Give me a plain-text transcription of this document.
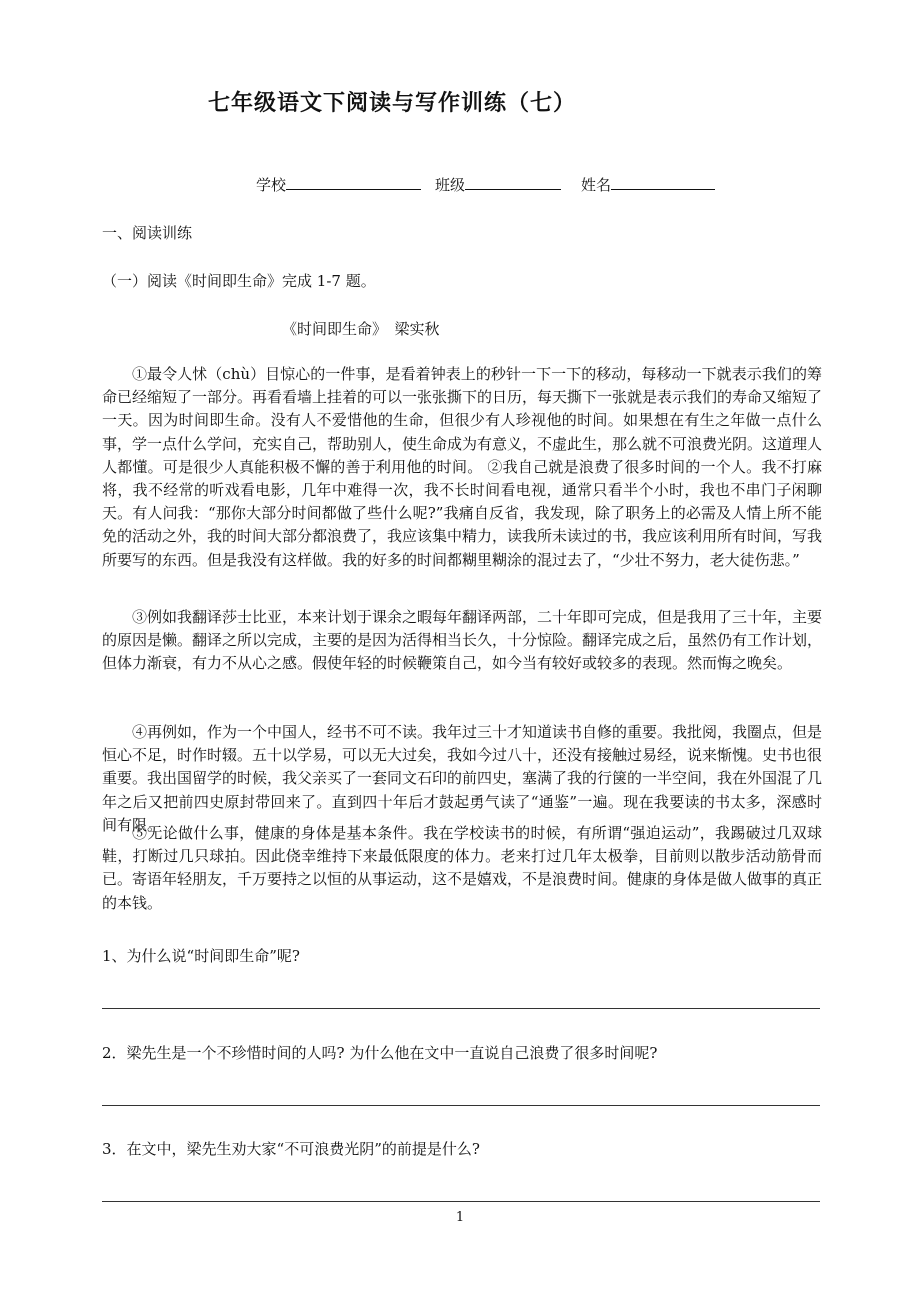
七年级语文下阅读与写作训练（七）
学校	班级	姓名
一、阅读训练
（一）阅读《时间即生命》完成 1-7 题。
《时间即生命》　梁实秋
①最令人怵（chù）目惊心的一件事，是看着钟表上的秒针一下一下的移动，每移动一下就表示我们的筹命已经缩短了一部分。再看看墙上挂着的可以一张张撕下的日历，每天撕下一张就是表示我们的寿命又缩短了一天。因为时间即生命。没有人不爱惜他的生命，但很少有人珍视他的时间。如果想在有生之年做一点什么事，学一点什么学问，充实自己，帮助别人，使生命成为有意义，不虚此生，那么就不可浪费光阴。这道理人人都懂。可是很少人真能积极不懈的善于利用他的时间。 ②我自己就是浪费了很多时间的一个人。我不打麻将，我不经常的听戏看电影，几年中难得一次，我不长时间看电视，通常只看半个小时，我也不串门子闲聊天。有人问我：“那你大部分时间都做了些什么呢?”我痛自反省，我发现，除了职务上的必需及人情上所不能免的活动之外，我的时间大部分都浪费了，我应该集中精力，读我所未读过的书，我应该利用所有时间，写我所要写的东西。但是我没有这样做。我的好多的时间都糊里糊涂的混过去了，“少壮不努力，老大徒伤悲。”
③例如我翻译莎士比亚，本来计划于课余之暇每年翻译两部，二十年即可完成，但是我用了三十年，主要的原因是懒。翻译之所以完成，主要的是因为活得相当长久，十分惊险。翻译完成之后，虽然仍有工作计划，但体力渐衰，有力不从心之感。假使年轻的时候鞭策自己，如今当有较好或较多的表现。然而悔之晚矣。
④再例如，作为一个中国人，经书不可不读。我年过三十才知道读书自修的重要。我批阅，我圈点，但是恒心不足，时作时辍。五十以学易，可以无大过矣，我如今过八十，还没有接触过易经，说来惭愧。史书也很重要。我出国留学的时候，我父亲买了一套同文石印的前四史，塞满了我的行箧的一半空间，我在外国混了几年之后又把前四史原封带回来了。直到四十年后才鼓起勇气读了“通鉴”一遍。现在我要读的书太多，深感时间有限。
⑤无论做什么事，健康的身体是基本条件。我在学校读书的时候，有所谓“强迫运动”，我踢破过几双球鞋，打断过几只球拍。因此侥幸维持下来最低限度的体力。老来打过几年太极拳，目前则以散步活动筋骨而已。寄语年轻朋友，千万要持之以恒的从事运动，这不是嬉戏，不是浪费时间。健康的身体是做人做事的真正的本钱。
1、为什么说“时间即生命”呢?
2．梁先生是一个不珍惜时间的人吗? 为什么他在文中一直说自己浪费了很多时间呢?
3．在文中，梁先生劝大家“不可浪费光阴”的前提是什么?
1
